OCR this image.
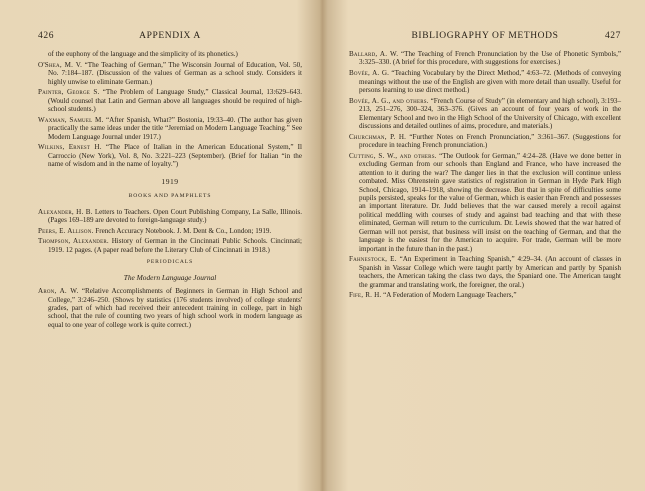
426	APPENDIX A
of the euphony of the language and the simplicity of its phonetics.)
O'Shea, M. V. “The Teaching of German,” The Wisconsin Journal of Education, Vol. 50, No. 7:184–187. (Discussion of the values of German as a school study. Considers it highly unwise to eliminate German.)
Painter, George S. “The Problem of Language Study,” Classical Journal, 13:629–643. (Would counsel that Latin and German above all languages should be required of high-school students.)
Waxman, Samuel M. “After Spanish, What?” Bostonia, 19:33–40. (The author has given practically the same ideas under the title “Jeremiad on Modern Language Teaching.” See Modern Language Journal under 1917.)
Wilkins, Ernest H. “The Place of Italian in the American Educational System,” Il Carroccio (New York), Vol. 8, No. 3:221–223 (September). (Brief for Italian “in the name of wisdom and in the name of loyalty.”)
1919
BOOKS AND PAMPHLETS
Alexander, H. B. Letters to Teachers. Open Court Publishing Company, La Salle, Illinois. (Pages 169–189 are devoted to foreign-language study.)
Peers, E. Allison. French Accuracy Notebook. J. M. Dent & Co., London; 1919.
Thompson, Alexander. History of German in the Cincinnati Public Schools. Cincinnati; 1919. 12 pages. (A paper read before the Literary Club of Cincinnati in 1918.)
PERIODICALS
The Modern Language Journal
Aron, A. W. “Relative Accomplishments of Beginners in German in High School and College,” 3:246–250. (Shows by statistics (176 students involved) of college students' grades, part of which had received their antecedent training in college, part in high school, that the rule of counting two years of high school work in modern language as equal to one year of college work is quite correct.)
BIBLIOGRAPHY OF METHODS	427
Ballard, A. W. “The Teaching of French Pronunciation by the Use of Phonetic Symbols,” 3:325–330. (A brief for this procedure, with suggestions for exercises.)
Bovée, A. G. “Teaching Vocabulary by the Direct Method,” 4:63–72. (Methods of conveying meanings without the use of the English are given with more detail than usually. Useful for persons learning to use direct method.)
Bovée, A. G., and others. “French Course of Study” (in elementary and high school), 3:193–213, 251–276, 300–324, 363–376. (Gives an account of four years of work in the Elementary School and two in the High School of the University of Chicago, with excellent discussions and detailed outlines of aims, procedure, and materials.)
Churchman, P. H. “Further Notes on French Pronunciation,” 3:361–367. (Suggestions for procedure in teaching French pronunciation.)
Cutting, S. W., and others. “The Outlook for German,” 4:24–28. (Have we done better in excluding German from our schools than England and France, who have increased the attention to it during the war? The danger lies in that the exclusion will continue unless combated. Miss Ohrenstein gave statistics of registration in German in Hyde Park High School, Chicago, 1914–1918, showing the decrease. But that in spite of difficulties some pupils persisted, speaks for the value of German, which is easier than French and possesses an important literature. Dr. Judd believes that the war caused merely a recoil against political meddling with courses of study and against bad teaching and that with these eliminated, German will return to the curriculum. Dr. Lewis showed that the war hatred of German will not persist, that business will insist on the teaching of German, and that the language is the easiest for the American to acquire. For trade, German will be more important in the future than in the past.)
Fahnestock, E. “An Experiment in Teaching Spanish,” 4:29–34. (An account of classes in Spanish in Vassar College which were taught partly by American and partly by Spanish teachers, the American taking the class two days, the Spaniard one. The American taught the grammar and translating work, the foreigner, the oral.)
Fife, R. H. “A Federation of Modern Language Teachers,”
